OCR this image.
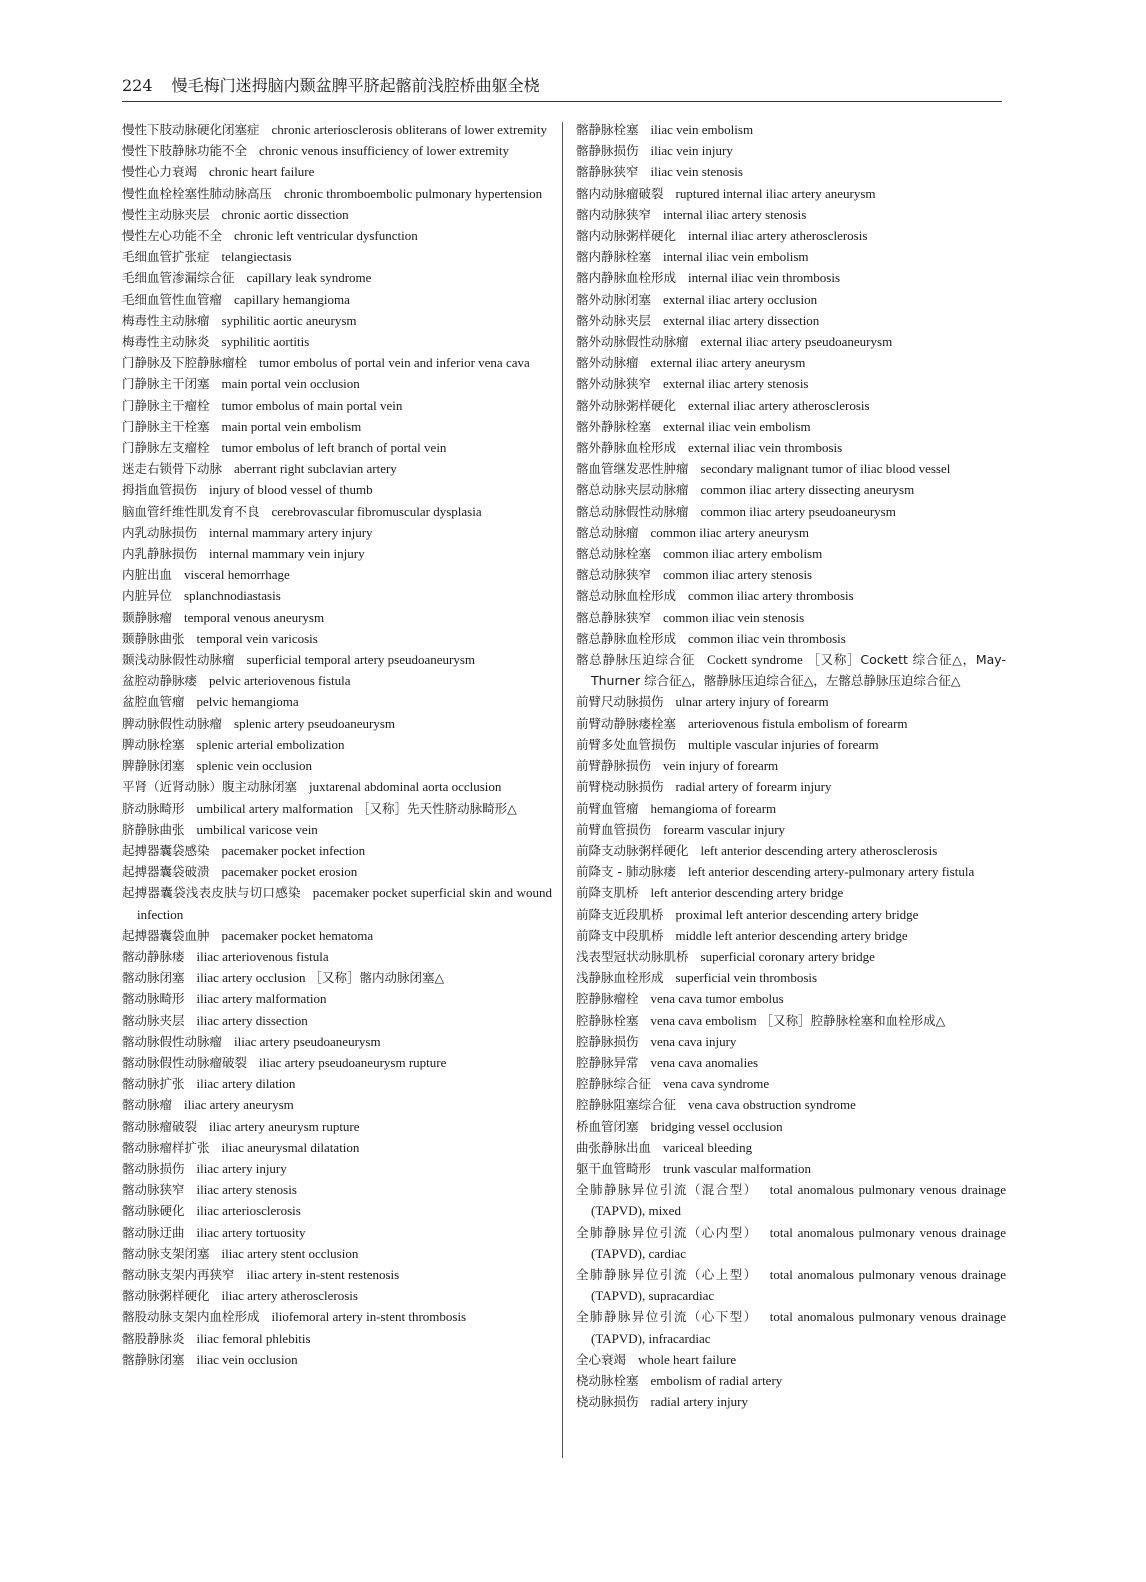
224 慢毛梅门迷拇脑内颞盆脾平脐起髂前浅腔桥曲躯全桡
慢性下肢动脉硬化闭塞症 chronic arteriosclerosis obliterans of lower extremity
慢性下肢静脉功能不全 chronic venous insufficiency of lower extremity
慢性心力衰竭 chronic heart failure
慢性血栓栓塞性肺动脉高压 chronic thromboembolic pulmonary hypertension
慢性主动脉夹层 chronic aortic dissection
慢性左心功能不全 chronic left ventricular dysfunction
毛细血管扩张症 telangiectasis
毛细血管渗漏综合征 capillary leak syndrome
毛细血管性血管瘤 capillary hemangioma
梅毒性主动脉瘤 syphilitic aortic aneurysm
梅毒性主动脉炎 syphilitic aortitis
门静脉及下腔静脉瘤栓 tumor embolus of portal vein and inferior vena cava
门静脉主干闭塞 main portal vein occlusion
门静脉主干瘤栓 tumor embolus of main portal vein
门静脉主干栓塞 main portal vein embolism
门静脉左支瘤栓 tumor embolus of left branch of portal vein
迷走右锁骨下动脉 aberrant right subclavian artery
拇指血管损伤 injury of blood vessel of thumb
脑血管纤维性肌发育不良 cerebrovascular fibromuscular dysplasia
内乳动脉损伤 internal mammary artery injury
内乳静脉损伤 internal mammary vein injury
内脏出血 visceral hemorrhage
内脏异位 splanchnodiastasis
颞静脉瘤 temporal venous aneurysm
颞静脉曲张 temporal vein varicosis
颞浅动脉假性动脉瘤 superficial temporal artery pseudoaneurysm
盆腔动静脉瘘 pelvic arteriovenous fistula
盆腔血管瘤 pelvic hemangioma
脾动脉假性动脉瘤 splenic artery pseudoaneurysm
脾动脉栓塞 splenic arterial embolization
脾静脉闭塞 splenic vein occlusion
平肾（近肾动脉）腹主动脉闭塞 juxtarenal abdominal aorta occlusion
脐动脉畸形 umbilical artery malformation ［又称］先天性脐动脉畸形△
脐静脉曲张 umbilical varicose vein
起搏器囊袋感染 pacemaker pocket infection
起搏器囊袋破溃 pacemaker pocket erosion
起搏器囊袋浅表皮肤与切口感染 pacemaker pocket superficial skin and wound infection
起搏器囊袋血肿 pacemaker pocket hematoma
髂动静脉瘘 iliac arteriovenous fistula
髂动脉闭塞 iliac artery occlusion ［又称］髂内动脉闭塞△
髂动脉畸形 iliac artery malformation
髂动脉夹层 iliac artery dissection
髂动脉假性动脉瘤 iliac artery pseudoaneurysm
髂动脉假性动脉瘤破裂 iliac artery pseudoaneurysm rupture
髂动脉扩张 iliac artery dilation
髂动脉瘤 iliac artery aneurysm
髂动脉瘤破裂 iliac artery aneurysm rupture
髂动脉瘤样扩张 iliac aneurysmal dilatation
髂动脉损伤 iliac artery injury
髂动脉狭窄 iliac artery stenosis
髂动脉硬化 iliac arteriosclerosis
髂动脉迂曲 iliac artery tortuosity
髂动脉支架闭塞 iliac artery stent occlusion
髂动脉支架内再狭窄 iliac artery in-stent restenosis
髂动脉粥样硬化 iliac artery atherosclerosis
髂股动脉支架内血栓形成 iliofemoral artery in-stent thrombosis
髂股静脉炎 iliac femoral phlebitis
髂静脉闭塞 iliac vein occlusion
髂静脉栓塞 iliac vein embolism
髂静脉损伤 iliac vein injury
髂静脉狭窄 iliac vein stenosis
髂内动脉瘤破裂 ruptured internal iliac artery aneurysm
髂内动脉狭窄 internal iliac artery stenosis
髂内动脉粥样硬化 internal iliac artery atherosclerosis
髂内静脉栓塞 internal iliac vein embolism
髂内静脉血栓形成 internal iliac vein thrombosis
髂外动脉闭塞 external iliac artery occlusion
髂外动脉夹层 external iliac artery dissection
髂外动脉假性动脉瘤 external iliac artery pseudoaneurysm
髂外动脉瘤 external iliac artery aneurysm
髂外动脉狭窄 external iliac artery stenosis
髂外动脉粥样硬化 external iliac artery atherosclerosis
髂外静脉栓塞 external iliac vein embolism
髂外静脉血栓形成 external iliac vein thrombosis
髂血管继发恶性肿瘤 secondary malignant tumor of iliac blood vessel
髂总动脉夹层动脉瘤 common iliac artery dissecting aneurysm
髂总动脉假性动脉瘤 common iliac artery pseudoaneurysm
髂总动脉瘤 common iliac artery aneurysm
髂总动脉栓塞 common iliac artery embolism
髂总动脉狭窄 common iliac artery stenosis
髂总动脉血栓形成 common iliac artery thrombosis
髂总静脉狭窄 common iliac vein stenosis
髂总静脉血栓形成 common iliac vein thrombosis
髂总静脉压迫综合征 Cockett syndrome ［又称］Cockett 综合征△，May-Thurner 综合征△，髂静脉压迫综合征△，左髂总静脉压迫综合征△
前臂尺动脉损伤 ulnar artery injury of forearm
前臂动静脉瘘栓塞 arteriovenous fistula embolism of forearm
前臂多处血管损伤 multiple vascular injuries of forearm
前臂静脉损伤 vein injury of forearm
前臂桡动脉损伤 radial artery of forearm injury
前臂血管瘤 hemangioma of forearm
前臂血管损伤 forearm vascular injury
前降支动脉粥样硬化 left anterior descending artery atherosclerosis
前降支 - 肺动脉瘘 left anterior descending artery-pulmonary artery fistula
前降支肌桥 left anterior descending artery bridge
前降支近段肌桥 proximal left anterior descending artery bridge
前降支中段肌桥 middle left anterior descending artery bridge
浅表型冠状动脉肌桥 superficial coronary artery bridge
浅静脉血栓形成 superficial vein thrombosis
腔静脉瘤栓 vena cava tumor embolus
腔静脉栓塞 vena cava embolism ［又称］腔静脉栓塞和血栓形成△
腔静脉损伤 vena cava injury
腔静脉异常 vena cava anomalies
腔静脉综合征 vena cava syndrome
腔静脉阻塞综合征 vena cava obstruction syndrome
桥血管闭塞 bridging vessel occlusion
曲张静脉出血 variceal bleeding
躯干血管畸形 trunk vascular malformation
全肺静脉异位引流（混合型） total anomalous pulmonary venous drainage (TAPVD), mixed
全肺静脉异位引流（心内型） total anomalous pulmonary venous drainage (TAPVD), cardiac
全肺静脉异位引流（心上型） total anomalous pulmonary venous drainage (TAPVD), supracardiac
全肺静脉异位引流（心下型） total anomalous pulmonary venous drainage (TAPVD), infracardiac
全心衰竭 whole heart failure
桡动脉栓塞 embolism of radial artery
桡动脉损伤 radial artery injury
